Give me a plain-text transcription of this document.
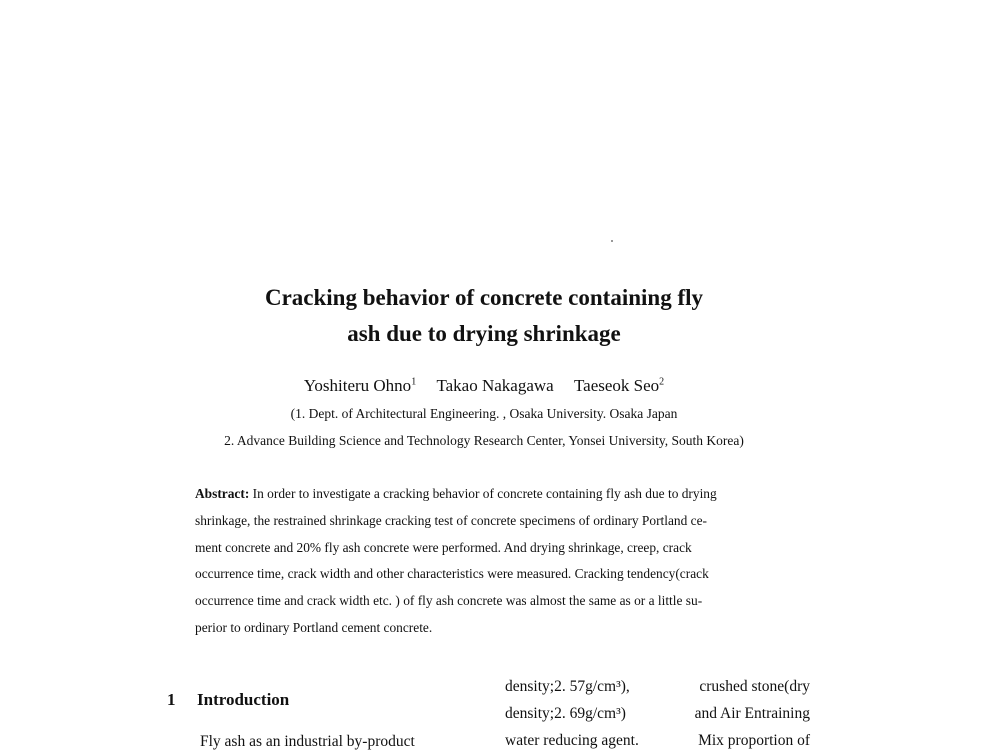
Cracking behavior of concrete containing fly
ash due to drying shrinkage
Yoshiteru Ohno$^1$ Takao Nakagawa Taeseok Seo$^2$
(1. Dept. of Architectural Engineering. , Osaka University. Osaka Japan
2. Advance Building Science and Technology Research Center, Yonsei University, South Korea)
Abstract: In order to investigate a cracking behavior of concrete containing fly ash due to drying
shrinkage, the restrained shrinkage cracking test of concrete specimens of ordinary Portland ce-
ment concrete and 20% fly ash concrete were performed. And drying shrinkage, creep, crack
occurrence time, crack width and other characteristics were measured. Cracking tendency(crack
occurrence time and crack width etc. ) of fly ash concrete was almost the same as or a little su-
perior to ordinary Portland cement concrete.
1 Introduction
Fly ash as an industrial by-product
density;2. 57g/cm³),	crushed stone(dry
density;2. 69g/cm³)	and Air Entraining
water reducing agent.	Mix proportion of
